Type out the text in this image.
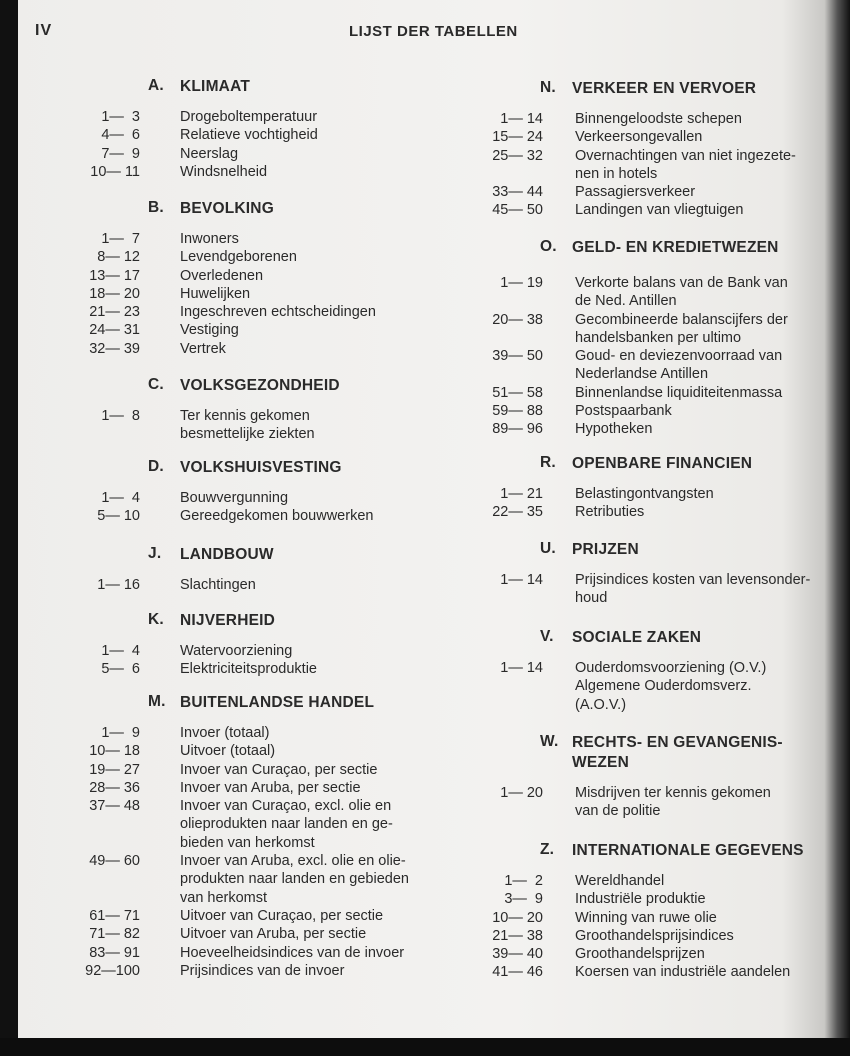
IV	LIJST DER TABELLEN
A. KLIMAAT
1—  3	Drogeboltemperatuur
4—  6	Relatieve vochtigheid
7—  9	Neerslag
10— 11	Windsnelheid
B. BEVOLKING
1—  7	Inwoners
8— 12	Levendgeborenen
13— 17	Overledenen
18— 20	Huwelijken
21— 23	Ingeschreven echtscheidingen
24— 31	Vestiging
32— 39	Vertrek
C. VOLKSGEZONDHEID
1—  8	Ter kennis gekomen
besmettelijke ziekten
D. VOLKSHUISVESTING
1—  4	Bouwvergunning
5— 10	Gereedgekomen bouwwerken
J. LANDBOUW
1— 16	Slachtingen
K. NIJVERHEID
1—  4	Watervoorziening
5—  6	Elektriciteitsproduktie
M. BUITENLANDSE HANDEL
1—  9	Invoer (totaal)
10— 18	Uitvoer (totaal)
19— 27	Invoer van Curaçao, per sectie
28— 36	Invoer van Aruba, per sectie
37— 48	Invoer van Curaçao, excl. olie en
olieprodukten naar landen en ge-
bieden van herkomst
49— 60	Invoer van Aruba, excl. olie en olie-
produkten naar landen en gebieden
van herkomst
61— 71	Uitvoer van Curaçao, per sectie
71— 82	Uitvoer van Aruba, per sectie
83— 91	Hoeveelheidsindices van de invoer
92—100	Prijsindices van de invoer
N. VERKEER EN VERVOER
1— 14 Binnengeloodste schepen
15— 24 Verkeersongevallen
25— 32 Overnachtingen van niet ingezete-
nen in hotels
33— 44 Passagiersverkeer
45— 50 Landingen van vliegtuigen
O. GELD- EN KREDIETWEZEN
1— 19 Verkorte balans van de Bank van
de Ned. Antillen
20— 38 Gecombineerde balanscijfers der
handelsbanken per ultimo
39— 50 Goud- en deviezenvoorraad van
Nederlandse Antillen
51— 58 Binnenlandse liquiditeitenmassa
59— 88 Postspaarbank
89— 96 Hypotheken
R. OPENBARE FINANCIEN
1— 21 Belastingontvangsten
22— 35 Retributies
U. PRIJZEN
1— 14 Prijsindices kosten van levensonder-
houd
V. SOCIALE ZAKEN
1— 14 Ouderdomsvoorziening (O.V.)
Algemene Ouderdomsverz.
(A.O.V.)
W. RECHTS- EN GEVANGENIS-
WEZEN
1— 20 Misdrijven ter kennis gekomen
van de politie
Z. INTERNATIONALE GEGEVENS
1—  2 Wereldhandel
3—  9 Industriële produktie
10— 20 Winning van ruwe olie
21— 38 Groothandelsprijsindices
39— 40 Groothandelsprijzen
41— 46 Koersen van industriële aandelen
